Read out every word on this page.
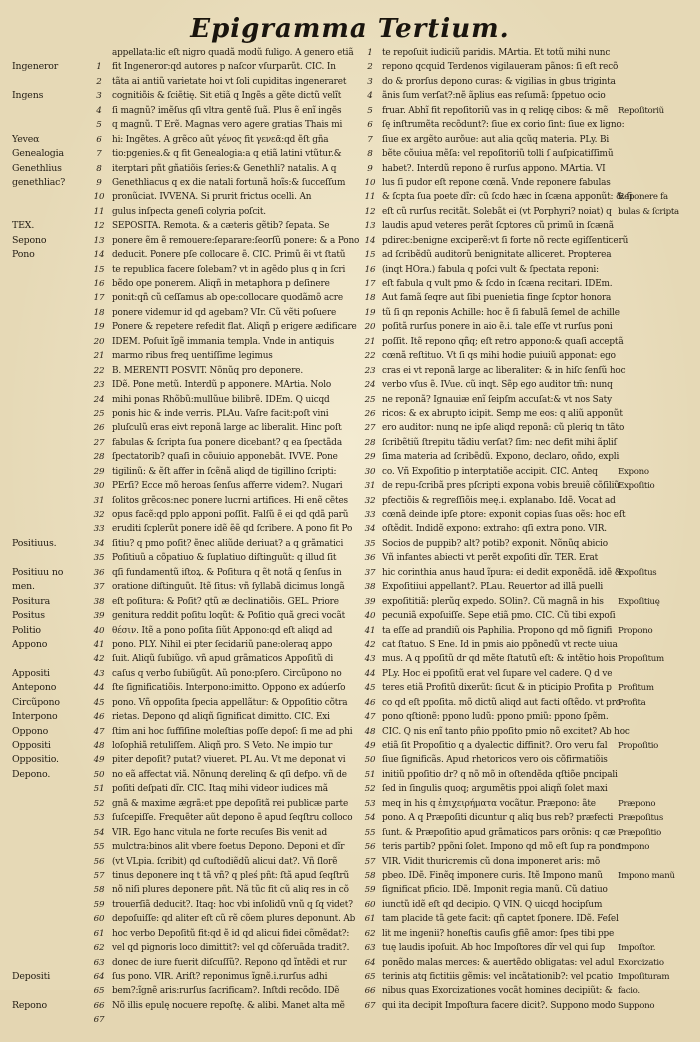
Epigramma Tertium.
Ingeneror
Ingens
Yeveα
Genealogia
Genethlius
genethliac?
TEX.
Sepono
Pono
Positiuus.
Positiuu no
men.
Positura
Positus
Politio
Appono
Appositi
Antepono
Circũpono
Interpono
Oppono
Oppositi
Oppositio.
Depono.
Depositi
Repono
1
2
3
4
5
6
7
8
9
10
11
12
13
14
15
16
17
18
19
20
21
22
23
24
25
26
27
28
29
30
31
32
33
34
35
36
37
38
39
40
41
42
43
44
45
46
47
48
49
50
51
52
53
54
55
56
57
58
59
60
61
62
63
64
65
66
67
appellata:lic eſt nigro quadã modũ fuligo. A genero etiã
fit Ingeneror:qd autores p naſcor vſurparũt. CIC. In
tãta ai antiũ varietate hoi vt ſoli cupiditas ingeneraret
cognitiõis & ſciẽtię. Sit etiã q Ingẽs a gẽte dictũ velĩt
ſi magnũ? imẽſus qſi vltra gentẽ ſuã. Plus ẽ enĩ ingẽs
q magnũ. T Erẽ. Magnas vero agere gratias Thais mi
hi: Ingẽtes. A grẽco aũt γένος fit γενεᾶ:qd ẽſt gña
tio:pgenies.& q fit Genealogia:a q etiã latini vtũtur.&
iterptari pñt gñatiõis ſeries:& Genethli? natalis. A q
Genethliacus q ex die natali fortunã hoĩs:& ſucceſſum
pronũciat. IVVENA. Si prurit frictus ocelli. An
gulus inſpecta geneſi colyria poſcit.
SEPOSITA. Remota. & a cæteris gẽtib? ſepata. Se
ponere ẽm ẽ remouere:ſeparare:ſeorſũ ponere: & a Pono
deducit. Ponere pſe collocare ẽ. CIC. Primũ ẽi vt ſtatũ
te republica facere ſolebam? vt in agẽdo plus q in ſcri
bẽdo ope ponerem. Aliqñ in metaphora p deſinere
ponit:qñ cũ ceſſamus ab ope:collocare quodãmõ acre
ponere videmur id qd agebam? VIr. Cũ vẽti poſuere
Ponere & repetere refedit flat. Aliqñ p erigere ædificare
IDEM. Poſuit ĩgẽ immania templa. Vnde in antiquis
marmo ribus freq uentiſſime legimus
B. MERENTI POSVIT. Nõnũq pro deponere.
IDẽ. Pone metũ. Interdũ p apponere. MArtia. Nolo
mihi ponas Rhõbũ:mullũue bilibrẽ. IDEm. Q uicqd
ponis hic & inde verris. PLAu. Vaſre facit:poſt vini
pluſculũ eras eivt reponã large ac liberalit. Hinc poſt
fabulas & ſcripta ſua ponere dicebant? q ea ſpectãda
ſpectatorib? quaſi in cõuiuio apponebãt. IVVE. Pone
tigilinũ: & ẽſt affer in ſcẽnã aliqd de tigillino ſcripti:
PErſi? Ecce mõ heroas ſenſus afferre videm?. Nugari
ſolitos grẽcos:nec ponere lucrni artifices. Hi enẽ cẽtes
opus facẽ:qd pplo apponi poſſit. Falſũ ẽ ei qd qdã parũ
eruditi ſcplerũt ponere idẽ ẽẽ qd ſcribere. A pono fit Po
ſitiu? q pmo poſit? ẽnec aliũde deriuat? a q grãmatici
Poſitiuũ a cõpatiuo & ſuplatiuo diſtinguũt: q illud ſit
qſi fundamentũ iſtoꝝ. & Poſitura q ẽt notã q ſenſus in
oratione diſtinguũt. Itẽ ſitus: vñ ſyllabã dicimus longã
eſt poſitura: & Poſit? qtũ æ declinatiõis. GEL. Priore
genitura reddit poſitu loqũt: & Poſitio quã greci vocãt
θέσιν. Itẽ a pono poſita ſiũt Appono:qd eſt aliqd ad
pono. PLY. Nihil ei pter ſecidariũ pane:oleraq appo
ſuit. Aliqũ ſubiũgo. vñ apud grãmaticos Appoſitũ di
caſus q verbo ſubiũgũt. Aũ pono:pſero. Circũpono no
ſte ſignificatiõis. Interpono:imitto. Oppono ex adúerſo
pono. Vñ oppoſita ſpecia appellãtur: & Oppoſitio cõtra
rietas. Depono qd aliqñ ſignificat dimitto. CIC. Exi
ſtim ani hoc ſuffiſine moleſtias poſſe depoſ: ſi me ad phi
loſophiã retuliſſem. Aliqñ pro. S Veto. Ne impio tur
piter depoſit? putat? viueret. PL Au. Vt me deponat vi
no eã affectat viã. Nõnunq derelinq & qſi defpo. vñ de
poſiti deſpati dĩr. CIC. Itaq mihi videor iudices mã
gnã & maxime ægrã:et ppe depoſitã rei publicæ parte
ſuſcepiſſe. Frequẽter aũt depono ẽ apud ſeqſtru colloco
VIR. Ego hanc vitula ne forte recuſes Bis venit ad
mulctra:binos alit vbere foetus Depono. Deponi et dĩr
(vt VLpia. ſcribit) qd cuſtodiẽdũ alicui dat?. Vñ ſlorẽ
tinus deponere inq t tã vñ? q pleś pñt: ſtã apud ſeqſtrũ
nõ niſi plures deponere pñt. Nã tũc fit cũ aliq res in cõ
trouerſiã deducit?. Itaq: hoc vbi inſolidũ vnũ q ſq videt?
depoſuiſſe: qd aliter eſt cũ rẽ cõem plures deponunt. Ab
hoc verbo Depoſitũ fit:qd ẽ id qd alicui fidei cõmẽdat?:
vel qd pignoris loco dimittit?: vel qd cõſeruãda tradit?.
donec de iure fuerit diſcuſſũ?. Repono qd ĩntẽdi et rur
ſus pono. VIR. Ariſt? reponimus ĩgnẽ.i.rurſus adhi
bem?:ĩgnẽ aris:rurſus ſacrificam?. Inſtdi recõdo. IDẽ
Nõ illis epulę nocuere repoſtę. & alibi. Manet alta mẽ
1
2
3
4
5
6
7
8
9
10
11
12
13
14
15
16
17
18
19
20
21
22
23
24
25
26
27
28
29
30
31
32
33
34
35
36
37
38
39
40
41
42
43
44
45
46
47
48
49
50
51
52
53
54
55
56
57
58
59
60
61
62
63
64
65
66
67
te repoſuit iudiciũ paridis. MArtia. Et totũ mihi nunc
repono qcquid Terdenos vigilaueram pãnos: ſi eſt recõ
do & prorſus depono curas: & vigilias in gbus triginta
ãnis ſum verſat?:nẽ ãplius eas reſumã: ſppetuo ocio
fruar. Abhĩ fit repoſitoriũ vas in q reliqę cibos: & mẽ
ſę inſtrumẽta recõdunt?: ſiue ex corio ſint: ſiue ex ligno:
ſiue ex argẽto aurõue: aut alia qcũq materia. PLy. Bi
bẽte cõuiua mẽſa: vel repoſitoriũ tolli ſ auſpicatiſſimũ
habet?. Interdũ repono ẽ rurſus appono. MArtia. VI
lus ſi pudor eſt repone cœnã. Vnde reponere fabulas
& ſcpta ſua poete dĩr: cũ ſcdo hæc in ſcæna apponũt: & ſi
eſt cũ rurſus recitãt. Solebãt ei (vt Porphyri? noiat) q
laudis apud veteres perãt ſcptores cũ primũ in ſcænã
pdireꞇ:benigne exciperẽ:vt ſi forte nõ recte egiſſentiꞇerũ
ad ſcribẽdũ auditorũ benignitate alliceret. Propterea
(inqt HOra.) fabula q poſci vult & ſpectata reponi:
eſt fabula q vult pmo & ſcdo in ſcæna recitari. IDEm.
Aut famã ſeqre aut ſibi puenietia finge ſcptor honora
tũ ſi qn reponis Achille: hoc ẽ ſi fabulã ſemel de achille
poſitã rurſus ponere in aio ẽ.i. tale eſſe vt rurſus poni
poſſit. Itẽ repono qñq; eſt retro appono:& quaſi acceptã
cœnã reſtituo. Vt ſi qs mihi hodie puiuiũ apponat: ego
cras ei vt reponã large ac liberaliter: & in hiſc ſenſũ hoc
verbo vſus ẽ. IVue. cũ inqt. Sẽp ego auditor tm̃: nunq
ne reponã? Ignauiæ enĩ ſeipſm accuſat:& vt nos Saty
ricos: & ex abrupto icipit. Semp me eos: q aliũ apponũt
ero auditor: nunq ne ipſe aliqd reponã: cũ pleriq tn tãto
ſcribẽtiũ ſtrepitu tãdiu verſat? ſim: nec defit mihi ãpliſ
ſima materia ad ſcribẽdũ. Expono, declaro, oñdo, expli
co. Vñ Expoſitio p interptatiõe accipit. CIC. Anteq
de repu-ſcribã pres pſcripti expona vobis breuiẽ cõſiliũ
pfectiõis & regreſſiõis meę.i. explanabo. Idẽ. Vocat ad
cœnã deinde ipſe ꝑtore: exponit copias ſuas oẽs: hoc eſt
oſtẽdit. Indidẽ expono: extraho: qſi extra pono. VIR.
Socios de puppib? alt? potib? exponit. Nõnũq abicio
Vñ infantes abiecti vt perẽt expoſiti dĩr. TER. Erat
hic corinthia anus haud ĩpura: ei dedit exponẽdã. idẽ &
Expoſitiiui appellant?. PLau. Reuertor ad illã puelli
expoſititiã: plerũq expedo. SOlin?. Cũ magnã in his
pecuniã expoſuiſſe. Sepe etiã pmo. CIC. Cũ tibi expoſi
ta eſſe ad prandiũ ois Paphilia. Propono qd mõ ſignifi
cat ſtatuo. S Ene. Id in pmis aio ppõnedũ vt recte uiua
mus. A q ppoſitũ dr qd mẽte ſtatutũ eſt: & intẽtio hois
PLy. Hoc ei ppoſitũ erat vel ſupare vel cadere. Q d ve
teres etiã Profitũ dixerũt: ſicut & in pticipio Profita p
co qd eſt ppoſita. mõ dictũ aliqd aut facti oſtẽdo. vt pro
pono qſtionẽ: ppono ludũ: ppono pmiũ: ppono ſpẽm.
CIC. Q nis enĩ tanto pñio ppoſito pmio nõ excitet? Ab hoc
etiã ſit Propoſitio q a dyalectic diffinit?. Oro veru fal
ſiue ſignificãs. Apud rhetoricos vero ois cõfirmatiõis
initiũ ppoſitio dr? q nõ mõ in oſtendẽda qſtiõe pncipali
ſed in ſingulis quoq; argumẽtis ppoi aliqñ ſolet maxi
meq in his q ἐπιχειρήματα vocãtur. Præpono: ãte
pono. A q Præpoſiti dicuntur q aliq bus reb? præfecti
ſunt. & Præpoſitio apud grãmaticos pars orõnis: q cæ
teris partib? ppõni ſolet. Impono qd mõ eſt ſup ra pono
VIR. Vidit thuricremis cũ dona imponeret aris: mõ
pbeo. IDẽ. Finẽq imponere curis. Itẽ Impono manũ
ſignificat pficio. IDẽ. Imponit regia manũ. Cũ datiuo
iunctũ idẽ eſt qd decipio. Q VIN. Q uicqd hocipſum
tam placide tã gete facit: qñ captet ſponere. IDẽ. Feſel
lit me ingenii? honeſtis cauſis gfiẽ amor: ſpes tibi ppe
tuę laudis ipoſuit. Ab hoc Impoſtores dĩr vel qui ſup
ponẽdo malas merces: & auertẽdo obligatas: vel adul
terinis atq fictitiis gẽmis: vel incãtationib?: vel pcatio
nibus quas Exorcizationes vocãt homines decipiũt: &
qui ita decipit Impoſtura facere dicit?. Suppono modo
Repoſitoriũ
Reponere fa
bulas & ſcripta
Expono
Expoſitio
Expoſitus
Expoſitiuę
Propono
Propoſitum
Profitum
Profita
Propoſitio
Præpono
Præpoſitus
Præpoſitio
Impono
Impono manũ
Impoſtor.
Exorcizatio
Impoſituram
facio.
Suppono
